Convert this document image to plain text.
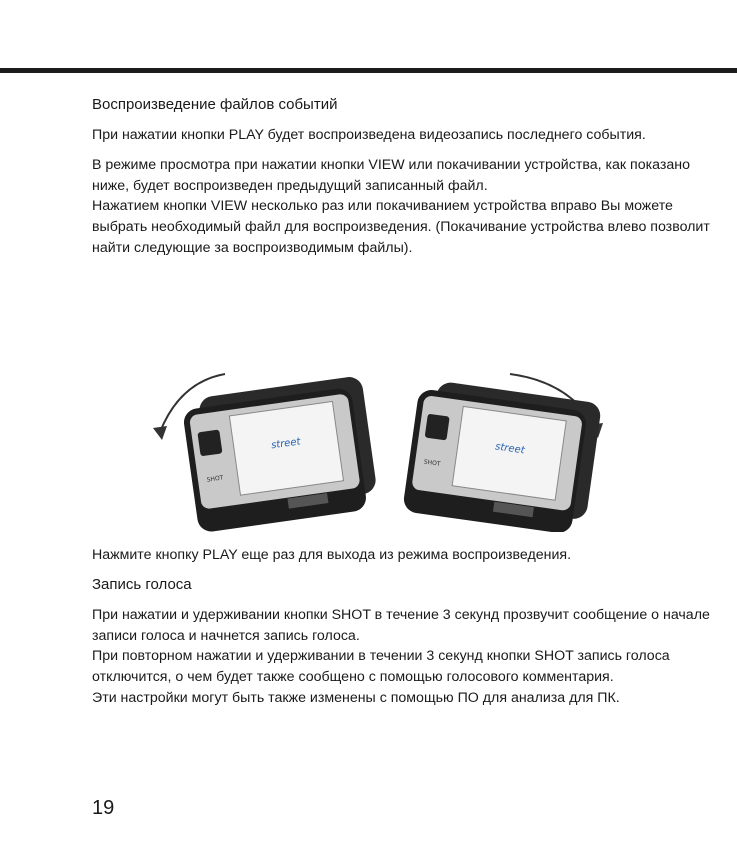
Воспроизведение файлов событий

При нажатии кнопки PLAY будет воспроизведена видеозапись последнего события.

В режиме просмотра при нажатии кнопки VIEW или покачивании устройства, как показано ниже, будет воспроизведен предыдущий записанный файл.

Нажатием кнопки VIEW несколько раз или покачиванием устройства вправо Вы можете выбрать необходимый файл для воспроизведения. (Покачивание устройства влево позволит найти следующие за воспроизводимым файлы).

SHOT
street
SHOT
street

Нажмите кнопку PLAY еще раз для выхода из режима воспроизведения.

Запись голоса

При нажатии и удерживании кнопки SHOT в течение 3 секунд прозвучит сообщение о начале записи голоса и начнется запись голоса.

При повторном нажатии и удерживании в течении 3 секунд кнопки SHOT запись голоса отключится, о чем будет также сообщено с помощью голосового комментария.

Эти настройки могут быть также изменены с помощью ПО для анализа для ПК.

19
